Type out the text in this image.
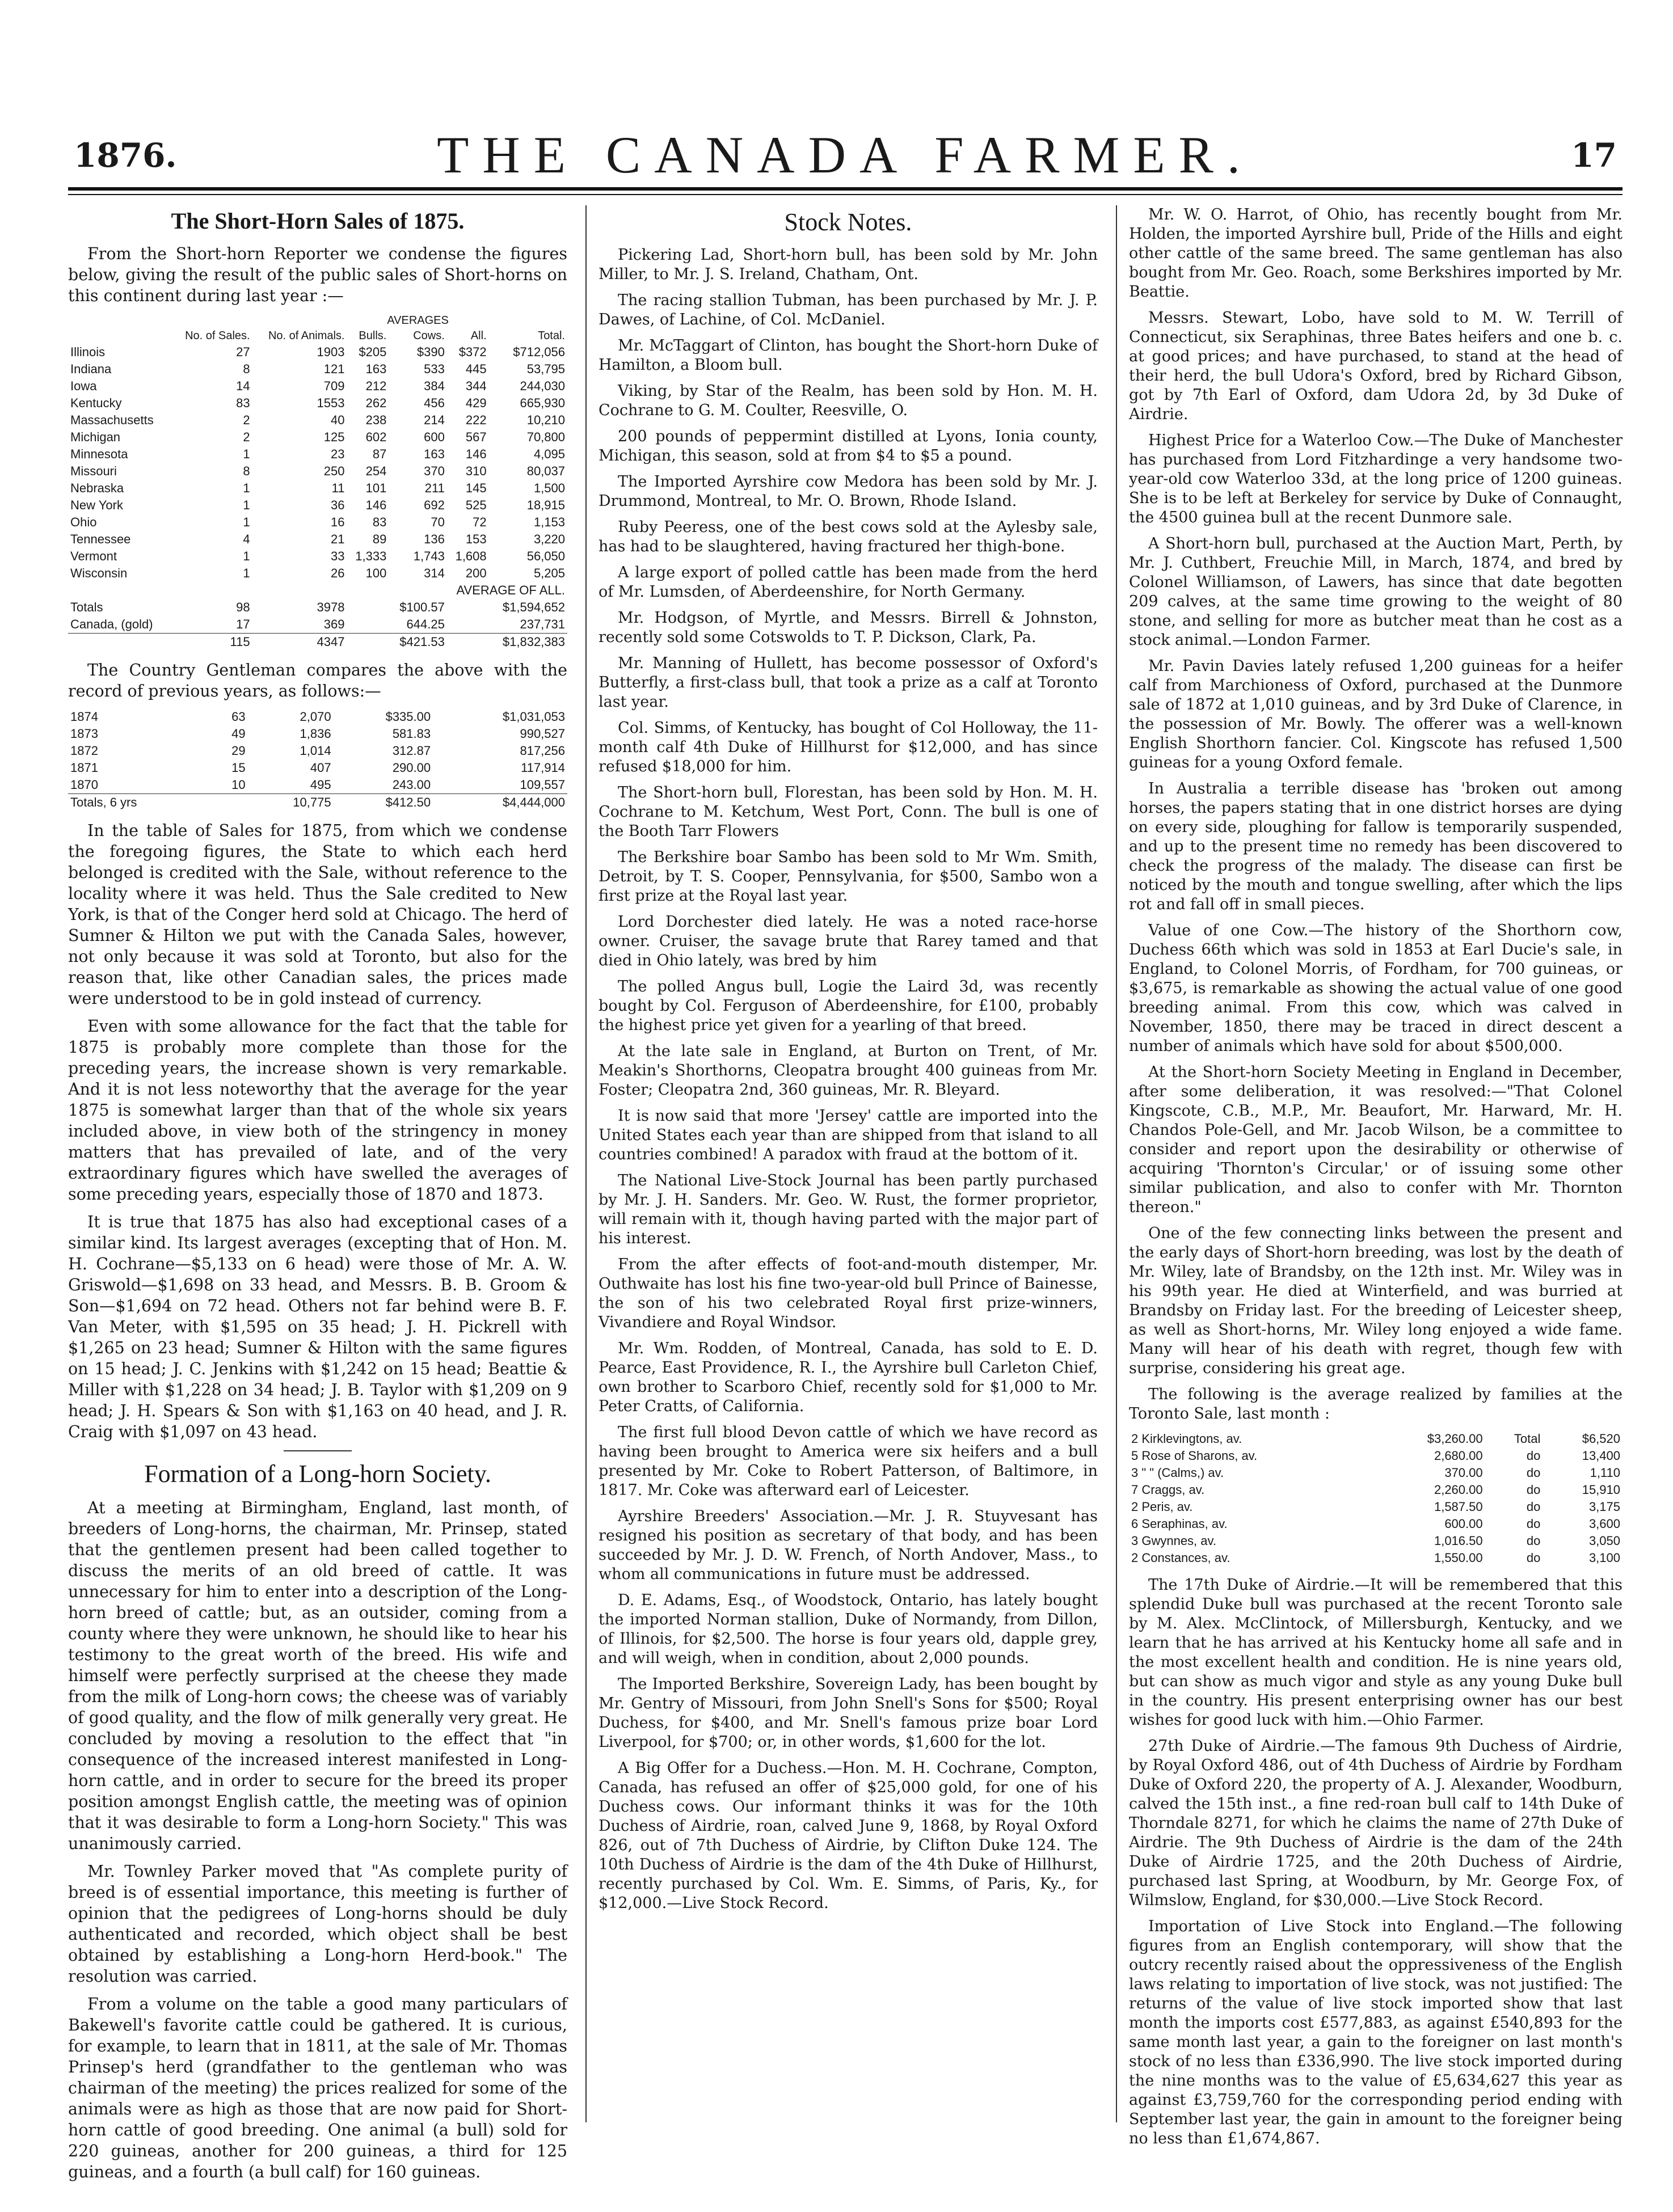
1876.	THE CANADA FARMER.	17
The Short-Horn Sales of 1875.

From the Short-horn Reporter we condense the figures below, giving the result of the public sales of Short-horns on this continent during last year :—

			AVERAGES			
	No. of Sales.	No. of Animals.	Bulls.	Cows.	All.	Total.
Illinois	27	1903	$205	$390	$372	$712,056
Indiana	8	121	163	533	445	53,795
Iowa	14	709	212	384	344	244,030
Kentucky	83	1553	262	456	429	665,930
Massachusetts	2	40	238	214	222	10,210
Michigan	2	125	602	600	567	70,800
Minnesota	1	23	87	163	146	4,095
Missouri	8	250	254	370	310	80,037
Nebraska	1	11	101	211	145	1,500
New York	1	36	146	692	525	18,915
Ohio	1	16	83	70	72	1,153
Tennessee	4	21	89	136	153	3,220
Vermont	1	33	1,333	1,743	1,608	56,050
Wisconsin	1	26	100	314	200	5,205
AVERAGE OF ALL.						
Totals	98	3978		$100.57		$1,594,652
Canada, (gold)	17	369		644.25		237,731
	115	4347		$421.53		$1,832,383

The Country Gentleman compares the above with the record of previous years, as follows:—

1874	63	2,070	$335.00	$1,031,053
1873	49	1,836	581.83	990,527
1872	29	1,014	312.87	817,256
1871	15	407	290.00	117,914
1870	10	495	243.00	109,557
Totals, 6 yrs		10,775	$412.50	$4,444,000

In the table of Sales for 1875, from which we condense the foregoing figures, the State to which each herd belonged is credited with the Sale, without reference to the locality where it was held. Thus the Sale credited to New York, is that of the Conger herd sold at Chicago. The herd of Sumner & Hilton we put with the Canada Sales, however, not only because it was sold at Toronto, but also for the reason that, like other Canadian sales, the prices made were understood to be in gold instead of currency.

Even with some allowance for the fact that the table for 1875 is probably more complete than those for the preceding years, the increase shown is very remarkable. And it is not less noteworthy that the average for the year 1875 is somewhat larger than that of the whole six years included above, in view both of the stringency in money matters that has prevailed of late, and of the very extraordinary figures which have swelled the averages of some preceding years, especially those of 1870 and 1873.

It is true that 1875 has also had exceptional cases of a similar kind. Its largest averages (excepting that of Hon. M. H. Cochrane—$5,133 on 6 head) were those of Mr. A. W. Griswold—$1,698 on 33 head, and Messrs. B. B. Groom & Son—$1,694 on 72 head. Others not far behind were B. F. Van Meter, with $1,595 on 35 head; J. H. Pickrell with $1,265 on 23 head; Sumner & Hilton with the same figures on 15 head; J. C. Jenkins with $1,242 on 15 head; Beattie & Miller with $1,228 on 34 head; J. B. Taylor with $1,209 on 9 head; J. H. Spears & Son with $1,163 on 40 head, and J. R. Craig with $1,097 on 43 head.

Formation of a Long-horn Society.

At a meeting at Birmingham, England, last month, of breeders of Long-horns, the chairman, Mr. Prinsep, stated that the gentlemen present had been called together to discuss the merits of an old breed of cattle. It was unnecessary for him to enter into a description of the Long-horn breed of cattle; but, as an outsider, coming from a county where they were unknown, he should like to hear his testimony to the great worth of the breed. His wife and himself were perfectly surprised at the cheese they made from the milk of Long-horn cows; the cheese was of variably of good quality, and the flow of milk generally very great. He concluded by moving a resolution to the effect that "in consequence of the increased interest manifested in Long-horn cattle, and in order to secure for the breed its proper position amongst English cattle, the meeting was of opinion that it was desirable to form a Long-horn Society." This was unanimously carried.

Mr. Townley Parker moved that "As complete purity of breed is of essential importance, this meeting is further of opinion that the pedigrees of Long-horns should be duly authenticated and recorded, which object shall be best obtained by establishing a Long-horn Herd-book." The resolution was carried.

From a volume on the table a good many particulars of Bakewell's favorite cattle could be gathered. It is curious, for example, to learn that in 1811, at the sale of Mr. Thomas Prinsep's herd (grandfather to the gentleman who was chairman of the meeting) the prices realized for some of the animals were as high as those that are now paid for Short-horn cattle of good breeding. One animal (a bull) sold for 220 guineas, another for 200 guineas, a third for 125 guineas, and a fourth (a bull calf) for 160 guineas.

Stock Notes.

Pickering Lad, Short-horn bull, has been sold by Mr. John Miller, to Mr. J. S. Ireland, Chatham, Ont.

The racing stallion Tubman, has been purchased by Mr. J. P. Dawes, of Lachine, of Col. McDaniel.

Mr. McTaggart of Clinton, has bought the Short-horn Duke of Hamilton, a Bloom bull.

Viking, by Star of the Realm, has been sold by Hon. M. H. Cochrane to G. M. Coulter, Reesville, O.

200 pounds of peppermint distilled at Lyons, Ionia county, Michigan, this season, sold at from $4 to $5 a pound.

The Imported Ayrshire cow Medora has been sold by Mr. J. Drummond, Montreal, to Mr. O. Brown, Rhode Island.

Ruby Peeress, one of the best cows sold at the Aylesby sale, has had to be slaughtered, having fractured her thigh-bone.

A large export of polled cattle has been made from the herd of Mr. Lumsden, of Aberdeenshire, for North Germany.

Mr. Hodgson, of Myrtle, and Messrs. Birrell & Johnston, recently sold some Cotswolds to T. P. Dickson, Clark, Pa.

Mr. Manning of Hullett, has become possessor of Oxford's Butterfly, a first-class bull, that took a prize as a calf at Toronto last year.

Col. Simms, of Kentucky, has bought of Col Holloway, the 11-month calf 4th Duke of Hillhurst for $12,000, and has since refused $18,000 for him.

The Short-horn bull, Florestan, has been sold by Hon. M. H. Cochrane to M. Ketchum, West Port, Conn. The bull is one of the Booth Tarr Flowers

The Berkshire boar Sambo has been sold to Mr Wm. Smith, Detroit, by T. S. Cooper, Pennsylvania, for $500, Sambo won a first prize at the Royal last year.

Lord Dorchester died lately. He was a noted race-horse owner. Cruiser, the savage brute that Rarey tamed and that died in Ohio lately, was bred by him

The polled Angus bull, Logie the Laird 3d, was recently bought by Col. Ferguson of Aberdeenshire, for £100, probably the highest price yet given for a yearling of that breed.

At the late sale in England, at Burton on Trent, of Mr. Meakin's Shorthorns, Cleopatra brought 400 guineas from Mr. Foster; Cleopatra 2nd, 360 guineas, Mr. R. Bleyard.

It is now said that more 'Jersey' cattle are imported into the United States each year than are shipped from that island to all countries combined! A paradox with fraud at the bottom of it.

The National Live-Stock Journal has been partly purchased by Mr. J. H. Sanders. Mr. Geo. W. Rust, the former proprietor, will remain with it, though having parted with the major part of his interest.

From the after effects of foot-and-mouth distemper, Mr. Outhwaite has lost his fine two-year-old bull Prince of Bainesse, the son of his two celebrated Royal first prize-winners, Vivandiere and Royal Windsor.

Mr. Wm. Rodden, of Montreal, Canada, has sold to E. D. Pearce, East Providence, R. I., the Ayrshire bull Carleton Chief, own brother to Scarboro Chief, recently sold for $1,000 to Mr. Peter Cratts, of California.

The first full blood Devon cattle of which we have record as having been brought to America were six heifers and a bull presented by Mr. Coke to Robert Patterson, of Baltimore, in 1817. Mr. Coke was afterward earl of Leicester.

Ayrshire Breeders' Association.—Mr. J. R. Stuyvesant has resigned his position as secretary of that body, and has been succeeded by Mr. J. D. W. French, of North Andover, Mass., to whom all communications in future must be addressed.

D. E. Adams, Esq., of Woodstock, Ontario, has lately bought the imported Norman stallion, Duke of Normandy, from Dillon, of Illinois, for $2,500. The horse is four years old, dapple grey, and will weigh, when in condition, about 2,000 pounds.

The Imported Berkshire, Sovereign Lady, has been bought by Mr. Gentry of Missouri, from John Snell's Sons for $500; Royal Duchess, for $400, and Mr. Snell's famous prize boar Lord Liverpool, for $700; or, in other words, $1,600 for the lot.

A Big Offer for a Duchess.—Hon. M. H. Cochrane, Compton, Canada, has refused an offer of $25,000 gold, for one of his Duchess cows. Our informant thinks it was for the 10th Duchess of Airdrie, roan, calved June 9, 1868, by Royal Oxford 826, out of 7th Duchess of Airdrie, by Clifton Duke 124. The 10th Duchess of Airdrie is the dam of the 4th Duke of Hillhurst, recently purchased by Col. Wm. E. Simms, of Paris, Ky., for $12,000.—Live Stock Record.

Mr. W. O. Harrot, of Ohio, has recently bought from Mr. Holden, the imported Ayrshire bull, Pride of the Hills and eight other cattle of the same breed. The same gentleman has also bought from Mr. Geo. Roach, some Berkshires imported by Mr. Beattie.

Messrs. Stewart, Lobo, have sold to M. W. Terrill of Connecticut, six Seraphinas, three Bates heifers and one b. c. at good prices; and have purchased, to stand at the head of their herd, the bull Udora's Oxford, bred by Richard Gibson, got by 7th Earl of Oxford, dam Udora 2d, by 3d Duke of Airdrie.

Highest Price for a Waterloo Cow.—The Duke of Manchester has purchased from Lord Fitzhardinge a very handsome two-year-old cow Waterloo 33d, at the long price of 1200 guineas. She is to be left at Berkeley for service by Duke of Connaught, the 4500 guinea bull at the recent Dunmore sale.

A Short-horn bull, purchased at the Auction Mart, Perth, by Mr. J. Cuthbert, Freuchie Mill, in March, 1874, and bred by Colonel Williamson, of Lawers, has since that date begotten 209 calves, at the same time growing to the weight of 80 stone, and selling for more as butcher meat than he cost as a stock animal.—London Farmer.

Mr. Pavin Davies lately refused 1,200 guineas for a heifer calf from Marchioness of Oxford, purchased at the Dunmore sale of 1872 at 1,010 guineas, and by 3rd Duke of Clarence, in the possession of Mr. Bowly. The offerer was a well-known English Shorthorn fancier. Col. Kingscote has refused 1,500 guineas for a young Oxford female.

In Australia a terrible disease has 'broken out among horses, the papers stating that in one district horses are dying on every side, ploughing for fallow is temporarily suspended, and up to the present time no remedy has been discovered to check the progress of the malady. The disease can first be noticed by the mouth and tongue swelling, after which the lips rot and fall off in small pieces.

Value of one Cow.—The history of the Shorthorn cow, Duchess 66th which was sold in 1853 at Earl Ducie's sale, in England, to Colonel Morris, of Fordham, for 700 guineas, or $3,675, is remarkable as showing the actual value of one good breeding animal. From this cow, which was calved in November, 1850, there may be traced in direct descent a number of animals which have sold for about $500,000.

At the Short-horn Society Meeting in England in December, after some deliberation, it was resolved:—"That Colonel Kingscote, C.B., M.P., Mr. Beaufort, Mr. Harward, Mr. H. Chandos Pole-Gell, and Mr. Jacob Wilson, be a committee to consider and report upon the desirability or otherwise of acquiring 'Thornton's Circular,' or of issuing some other similar publication, and also to confer with Mr. Thornton thereon."

One of the few connecting links between the present and the early days of Short-horn breeding, was lost by the death of Mr. Wiley, late of Brandsby, on the 12th inst. Mr. Wiley was in his 99th year. He died at Winterfield, and was burried at Brandsby on Friday last. For the breeding of Leicester sheep, as well as Short-horns, Mr. Wiley long enjoyed a wide fame. Many will hear of his death with regret, though few with surprise, considering his great age.

The following is the average realized by families at the Toronto Sale, last month :

2 Kirklevingtons, av.	$3,260.00	Total	$6,520
5 Rose of Sharons, av.	2,680.00	do	13,400
3 " " (Calms,) av.	370.00	do	1,110
7 Craggs, av.	2,260.00	do	15,910
2 Peris, av.	1,587.50	do	3,175
6 Seraphinas, av.	600.00	do	3,600
3 Gwynnes, av.	1,016.50	do	3,050
2 Constances, av.	1,550.00	do	3,100

The 17th Duke of Airdrie.—It will be remembered that this splendid Duke bull was purchased at the recent Toronto sale by M. Alex. McClintock, of Millersburgh, Kentucky, and we learn that he has arrived at his Kentucky home all safe and in the most excellent health and condition. He is nine years old, but can show as much vigor and style as any young Duke bull in the country. His present enterprising owner has our best wishes for good luck with him.—Ohio Farmer.

27th Duke of Airdrie.—The famous 9th Duchess of Airdrie, by Royal Oxford 486, out of 4th Duchess of Airdrie by Fordham Duke of Oxford 220, the property of A. J. Alexander, Woodburn, calved the 15th inst., a fine red-roan bull calf to 14th Duke of Thorndale 8271, for which he claims the name of 27th Duke of Airdrie. The 9th Duchess of Airdrie is the dam of the 24th Duke of Airdrie 1725, and the 20th Duchess of Airdrie, purchased last Spring, at Woodburn, by Mr. George Fox, of Wilmslow, England, for $30,000.—Live Stock Record.

Importation of Live Stock into England.—The following figures from an English contemporary, will show that the outcry recently raised about the oppressiveness of the English laws relating to importation of live stock, was not justified: The returns of the value of live stock imported show that last month the imports cost £577,883, as against £540,893 for the same month last year, a gain to the foreigner on last month's stock of no less than £336,990. The live stock imported during the nine months was to the value of £5,634,627 this year as against £3,759,760 for the corresponding period ending with September last year, the gain in amount to the foreigner being no less than £1,674,867.
